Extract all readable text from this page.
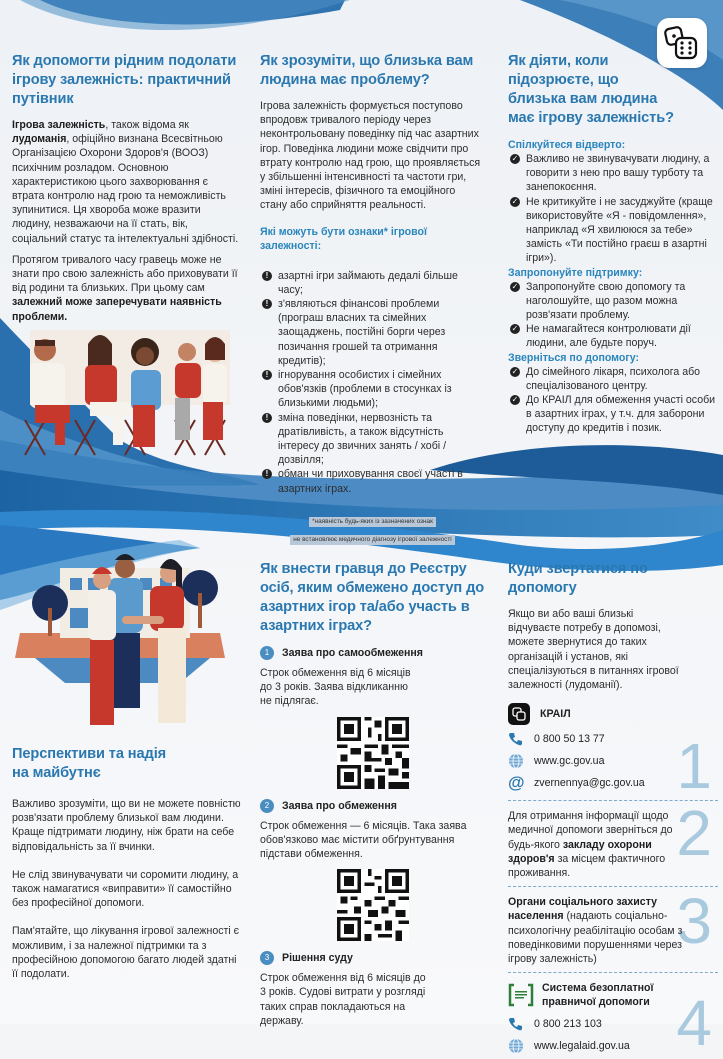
Як допомогти рідним подолати ігрову залежність: практичний путівник

Ігрова залежність, також відома як лудоманія, офіційно визнана Всесвітньою Організацією Охорони Здоров'я (ВООЗ) психічним розладом. Основною характеристикою цього захворювання є втрата контролю над грою та неможливість зупинитися. Ця хвороба може вразити людину, незважаючи на її стать, вік, соціальний статус та інтелектуальні здібності.

Протягом тривалого часу гравець може не знати про свою залежність або приховувати її від родини та близьких. При цьому сам залежний може заперечувати наявність проблеми.

Як зрозуміти, що близька вам людина має проблему?

Ігрова залежність формується поступово впродовж тривалого періоду через неконтрольовану поведінку під час азартних ігор. Поведінка людини може свідчити про втрату контролю над грою, що проявляється у збільшенні інтенсивності та частоти гри, зміні інтересів, фізичного та емоційного стану або сприйняття реальності.

Які можуть бути ознаки* ігрової залежності:
!
азартні ігри займають дедалі більше часу;
!
з'являються фінансові проблеми (програш власних та сімейних заощаджень, постійні борги через позичання грошей та отримання кредитів);
!
ігнорування особистих і сімейних обов'язків (проблеми в стосунках із близькими людьми);
!
зміна поведінки, нервозність та дратівливість, а також відсутність інтересу до звичних занять / хобі / дозвілля;
!
обман чи приховування своєї участі в азартних іграх.
*наявність будь-яких із зазначених ознак
не встановлює медичного діагнозу ігрової залежності
Як діяти, коли підозрюєте, що близька вам людина має ігрову залежність?
Спілкуйтеся відверто:
✓
Важливо не звинувачувати людину, а говорити з нею про вашу турботу та занепокоєння.
✓
Не критикуйте і не засуджуйте (краще використовуйте «Я - повідомлення», наприклад «Я хвилююся за тебе» замість «Ти постійно граєш в азартні ігри»).
Запропонуйте підтримку:
✓
Запропонуйте свою допомогу та наголошуйте, що разом можна розв'язати проблему.
✓
Не намагайтеся контролювати дії людини, але будьте поруч.
Зверніться по допомогу:
✓
До сімейного лікаря, психолога або спеціалізованого центру.
✓
До КРАІЛ для обмеження участі особи в азартних іграх, у т.ч. для заборони доступу до кредитів і позик.
Перспективи та надія на майбутнє

Важливо зрозуміти, що ви не можете повністю розв'язати проблему близької вам людини. Краще підтримати людину, ніж брати на себе відповідальність за її вчинки.

Не слід звинувачувати чи соромити людину, а також намагатися «виправити» її самостійно без професійної допомоги.

Пам'ятайте, що лікування ігрової залежності є можливим, і за належної підтримки та з професійною допомогою багато людей здатні її подолати.

Як внести гравця до Реєстру осіб, яким обмежено доступ до азартних ігор та/або участь в азартних іграх?
1	Заява про самообмеження

Строк обмеження від 6 місяців до 3 років. Заява відкликанню не підлягає.

2	Заява про обмеження

Строк обмеження — 6 місяців. Така заява обов'язково має містити обґрунтування підстави обмеження.

3	Рішення суду

Строк обмеження від 6 місяців до 3 років. Судові витрати у розгляді таких справ покладаються на державу.

Куди звертатися по допомогу

Якщо ви або ваші близькі відчуваєте потребу в допомозі, можете звернутися до таких організацій і установ, які спеціалізуються в питаннях ігрової залежності (лудоманії).

1
КРАІЛ
0 800 50 13 77
www.gc.gov.ua
@ zvernennya@gc.gov.ua
2

Для отримання інформації щодо медичної допомоги зверніться до будь-якого закладу охорони здоров'я за місцем фактичного проживання.

3

Органи соціального захисту населення (надають соціально-психологічну реабілітацію особам з поведінковими порушеннями через ігрову залежність)

4
Система безоплатної правничої допомоги
0 800 213 103
www.legalaid.gov.ua
